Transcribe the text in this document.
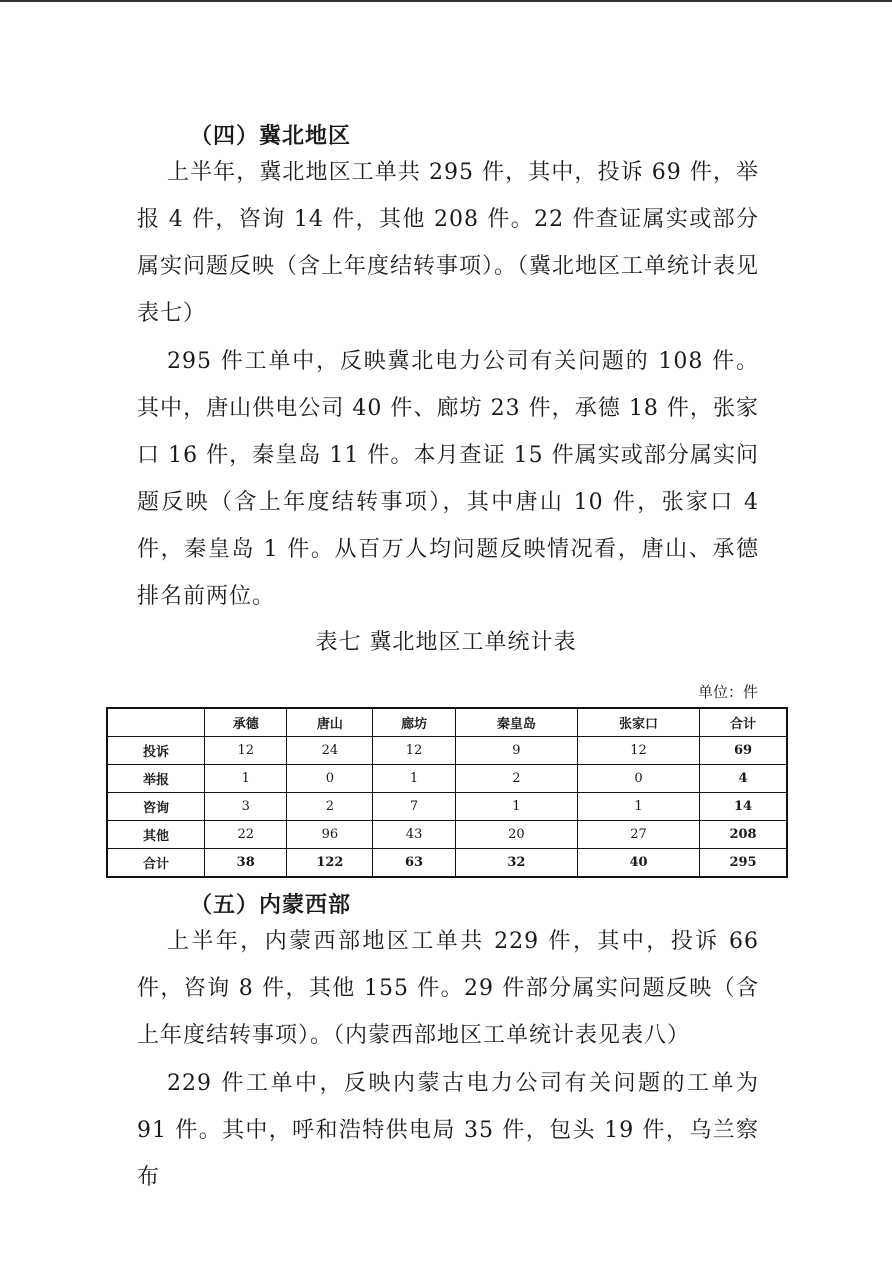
（四）冀北地区

上半年，冀北地区工单共 295 件，其中，投诉 69 件，举报 4 件，咨询 14 件，其他 208 件。22 件查证属实或部分属实问题反映（含上年度结转事项）。（冀北地区工单统计表见表七）

295 件工单中，反映冀北电力公司有关问题的 108 件。其中，唐山供电公司 40 件、廊坊 23 件，承德 18 件，张家口 16 件，秦皇岛 11 件。本月查证 15 件属实或部分属实问题反映（含上年度结转事项），其中唐山 10 件，张家口 4 件，秦皇岛 1 件。从百万人均问题反映情况看，唐山、承德排名前两位。

表七 冀北地区工单统计表
单位：件
	承德	唐山	廊坊	秦皇岛	张家口	合计
投诉	12	24	12	9	12	69
举报	1	0	1	2	0	4
咨询	3	2	7	1	1	14
其他	22	96	43	20	27	208
合计	38	122	63	32	40	295
（五）内蒙西部

上半年，内蒙西部地区工单共 229 件，其中，投诉 66 件，咨询 8 件，其他 155 件。29 件部分属实问题反映（含上年度结转事项）。（内蒙西部地区工单统计表见表八）

229 件工单中，反映内蒙古电力公司有关问题的工单为 91 件。其中，呼和浩特供电局 35 件，包头 19 件，乌兰察布
